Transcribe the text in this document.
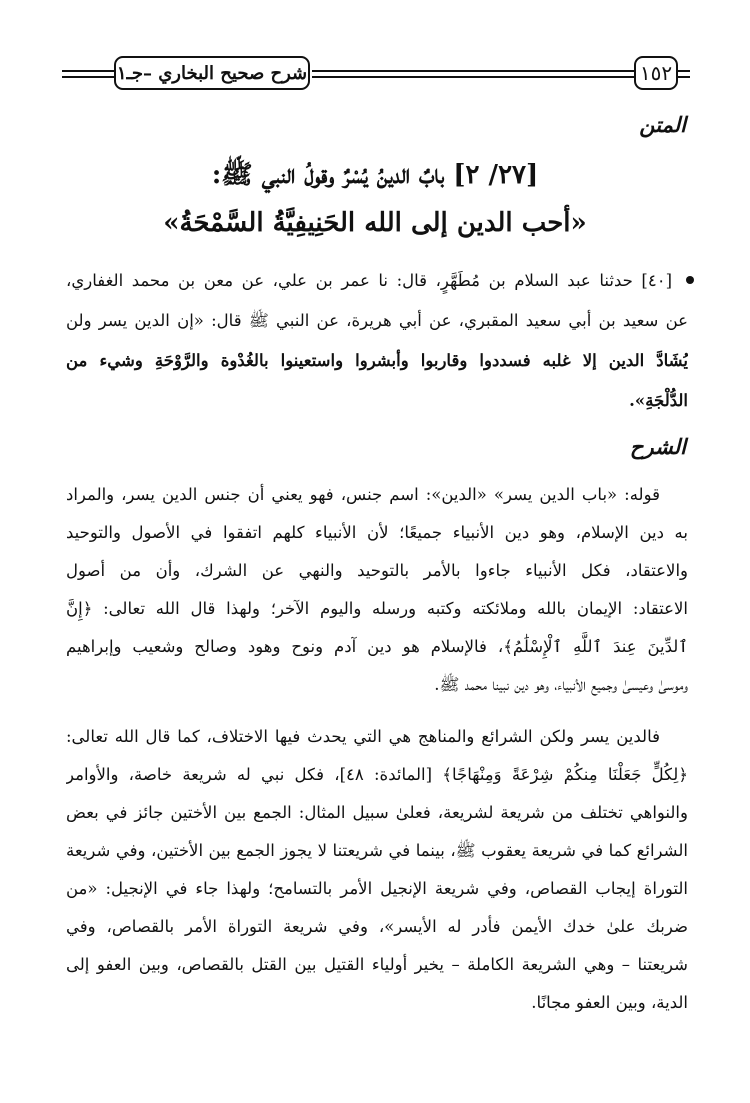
شرح صحيح البخاري –جـ١	١٥٢
المتن
[٢٧/ ٢] بابٌ الدينُ يُسْرٌ وقولُ النبي ﷺ:
«أحب الدين إلى الله الحَنِيفِيَّةُ السَّمْحَةُ»
[٤٠] حدثنا عبد السلام بن مُطَهَّرٍ، قال: نا عمر بن علي، عن معن بن محمد الغفاري،
عن سعيد بن أبي سعيد المقبري، عن أبي هريرة، عن النبي ﷺ قال: «إن الدين يسر ولن
يُشَادَّ الدين إلا غلبه فسددوا وقاربوا وأبشروا واستعينوا بالغُدْوة والرَّوْحَةِ وشيء من
الدُّلْجَةِ».
الشرح
قوله: «باب الدين يسر» «الدين»: اسم جنس، فهو يعني أن جنس الدين يسر، والمراد
به دين الإسلام، وهو دين الأنبياء جميعًا؛ لأن الأنبياء كلهم اتفقوا في الأصول والتوحيد
والاعتقاد، فكل الأنبياء جاءوا بالأمر بالتوحيد والنهي عن الشرك، وأن من أصول
الاعتقاد: الإيمان بالله وملائكته وكتبه ورسله واليوم الآخر؛ ولهذا قال الله تعالى: ﴿إِنَّ
ٱلدِّينَ عِندَ ٱللَّهِ ٱلْإِسْلَٰمُ﴾، فالإسلام هو دين آدم ونوح وهود وصالح وشعيب وإبراهيم
وموسىٰ وعيسىٰ وجميع الأنبياء، وهو دين نبينا محمد ﷺ.
فالدين يسر ولكن الشرائع والمناهج هي التي يحدث فيها الاختلاف، كما قال الله تعالى:
﴿لِكُلٍّ جَعَلْنَا مِنكُمْ شِرْعَةً وَمِنْهَاجًا﴾ [المائدة: ٤٨]، فكل نبي له شريعة خاصة، والأوامر
والنواهي تختلف من شريعة لشريعة، فعلىٰ سبيل المثال: الجمع بين الأختين جائز في بعض
الشرائع كما في شريعة يعقوب ﷺ، بينما في شريعتنا لا يجوز الجمع بين الأختين، وفي شريعة
التوراة إيجاب القصاص، وفي شريعة الإنجيل الأمر بالتسامح؛ ولهذا جاء في الإنجيل: «من
ضربك علىٰ خدك الأيمن فأدر له الأيسر»، وفي شريعة التوراة الأمر بالقصاص، وفي
شريعتنا – وهي الشريعة الكاملة – يخير أولياء القتيل بين القتل بالقصاص، وبين العفو إلى
الدية، وبين العفو مجانًا.
